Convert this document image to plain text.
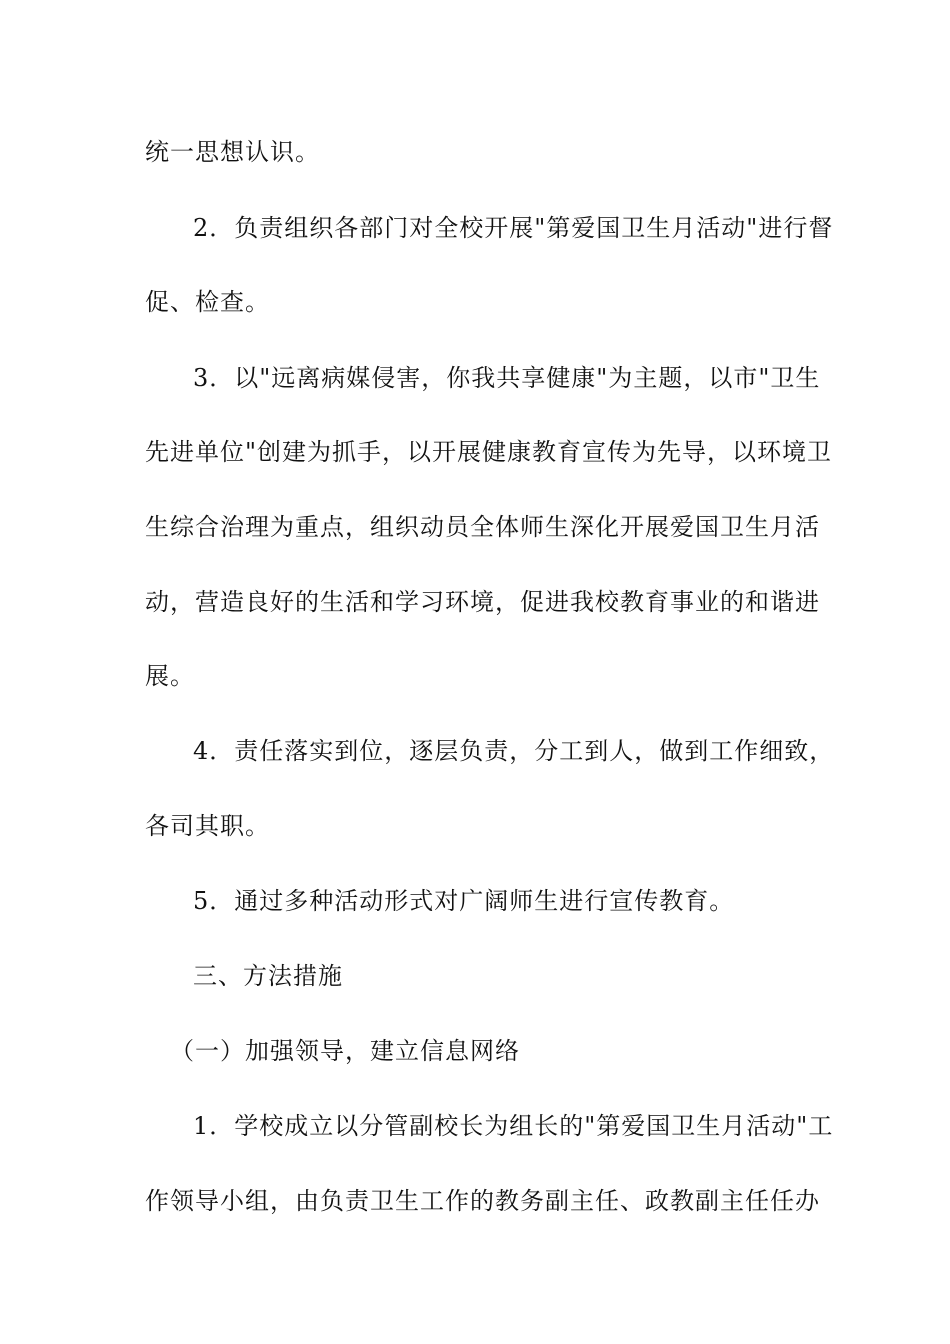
统一思想认识。
2．负责组织各部门对全校开展"第爱国卫生月活动"进行督
促、检查。
3．以"远离病媒侵害，你我共享健康"为主题，以市"卫生
先进单位"创建为抓手，以开展健康教育宣传为先导，以环境卫
生综合治理为重点，组织动员全体师生深化开展爱国卫生月活
动，营造良好的生活和学习环境，促进我校教育事业的和谐进
展。
4．责任落实到位，逐层负责，分工到人，做到工作细致，
各司其职。
5．通过多种活动形式对广阔师生进行宣传教育。
三、方法措施
（一）加强领导，建立信息网络
1．学校成立以分管副校长为组长的"第爱国卫生月活动"工
作领导小组，由负责卫生工作的教务副主任、政教副主任任办
